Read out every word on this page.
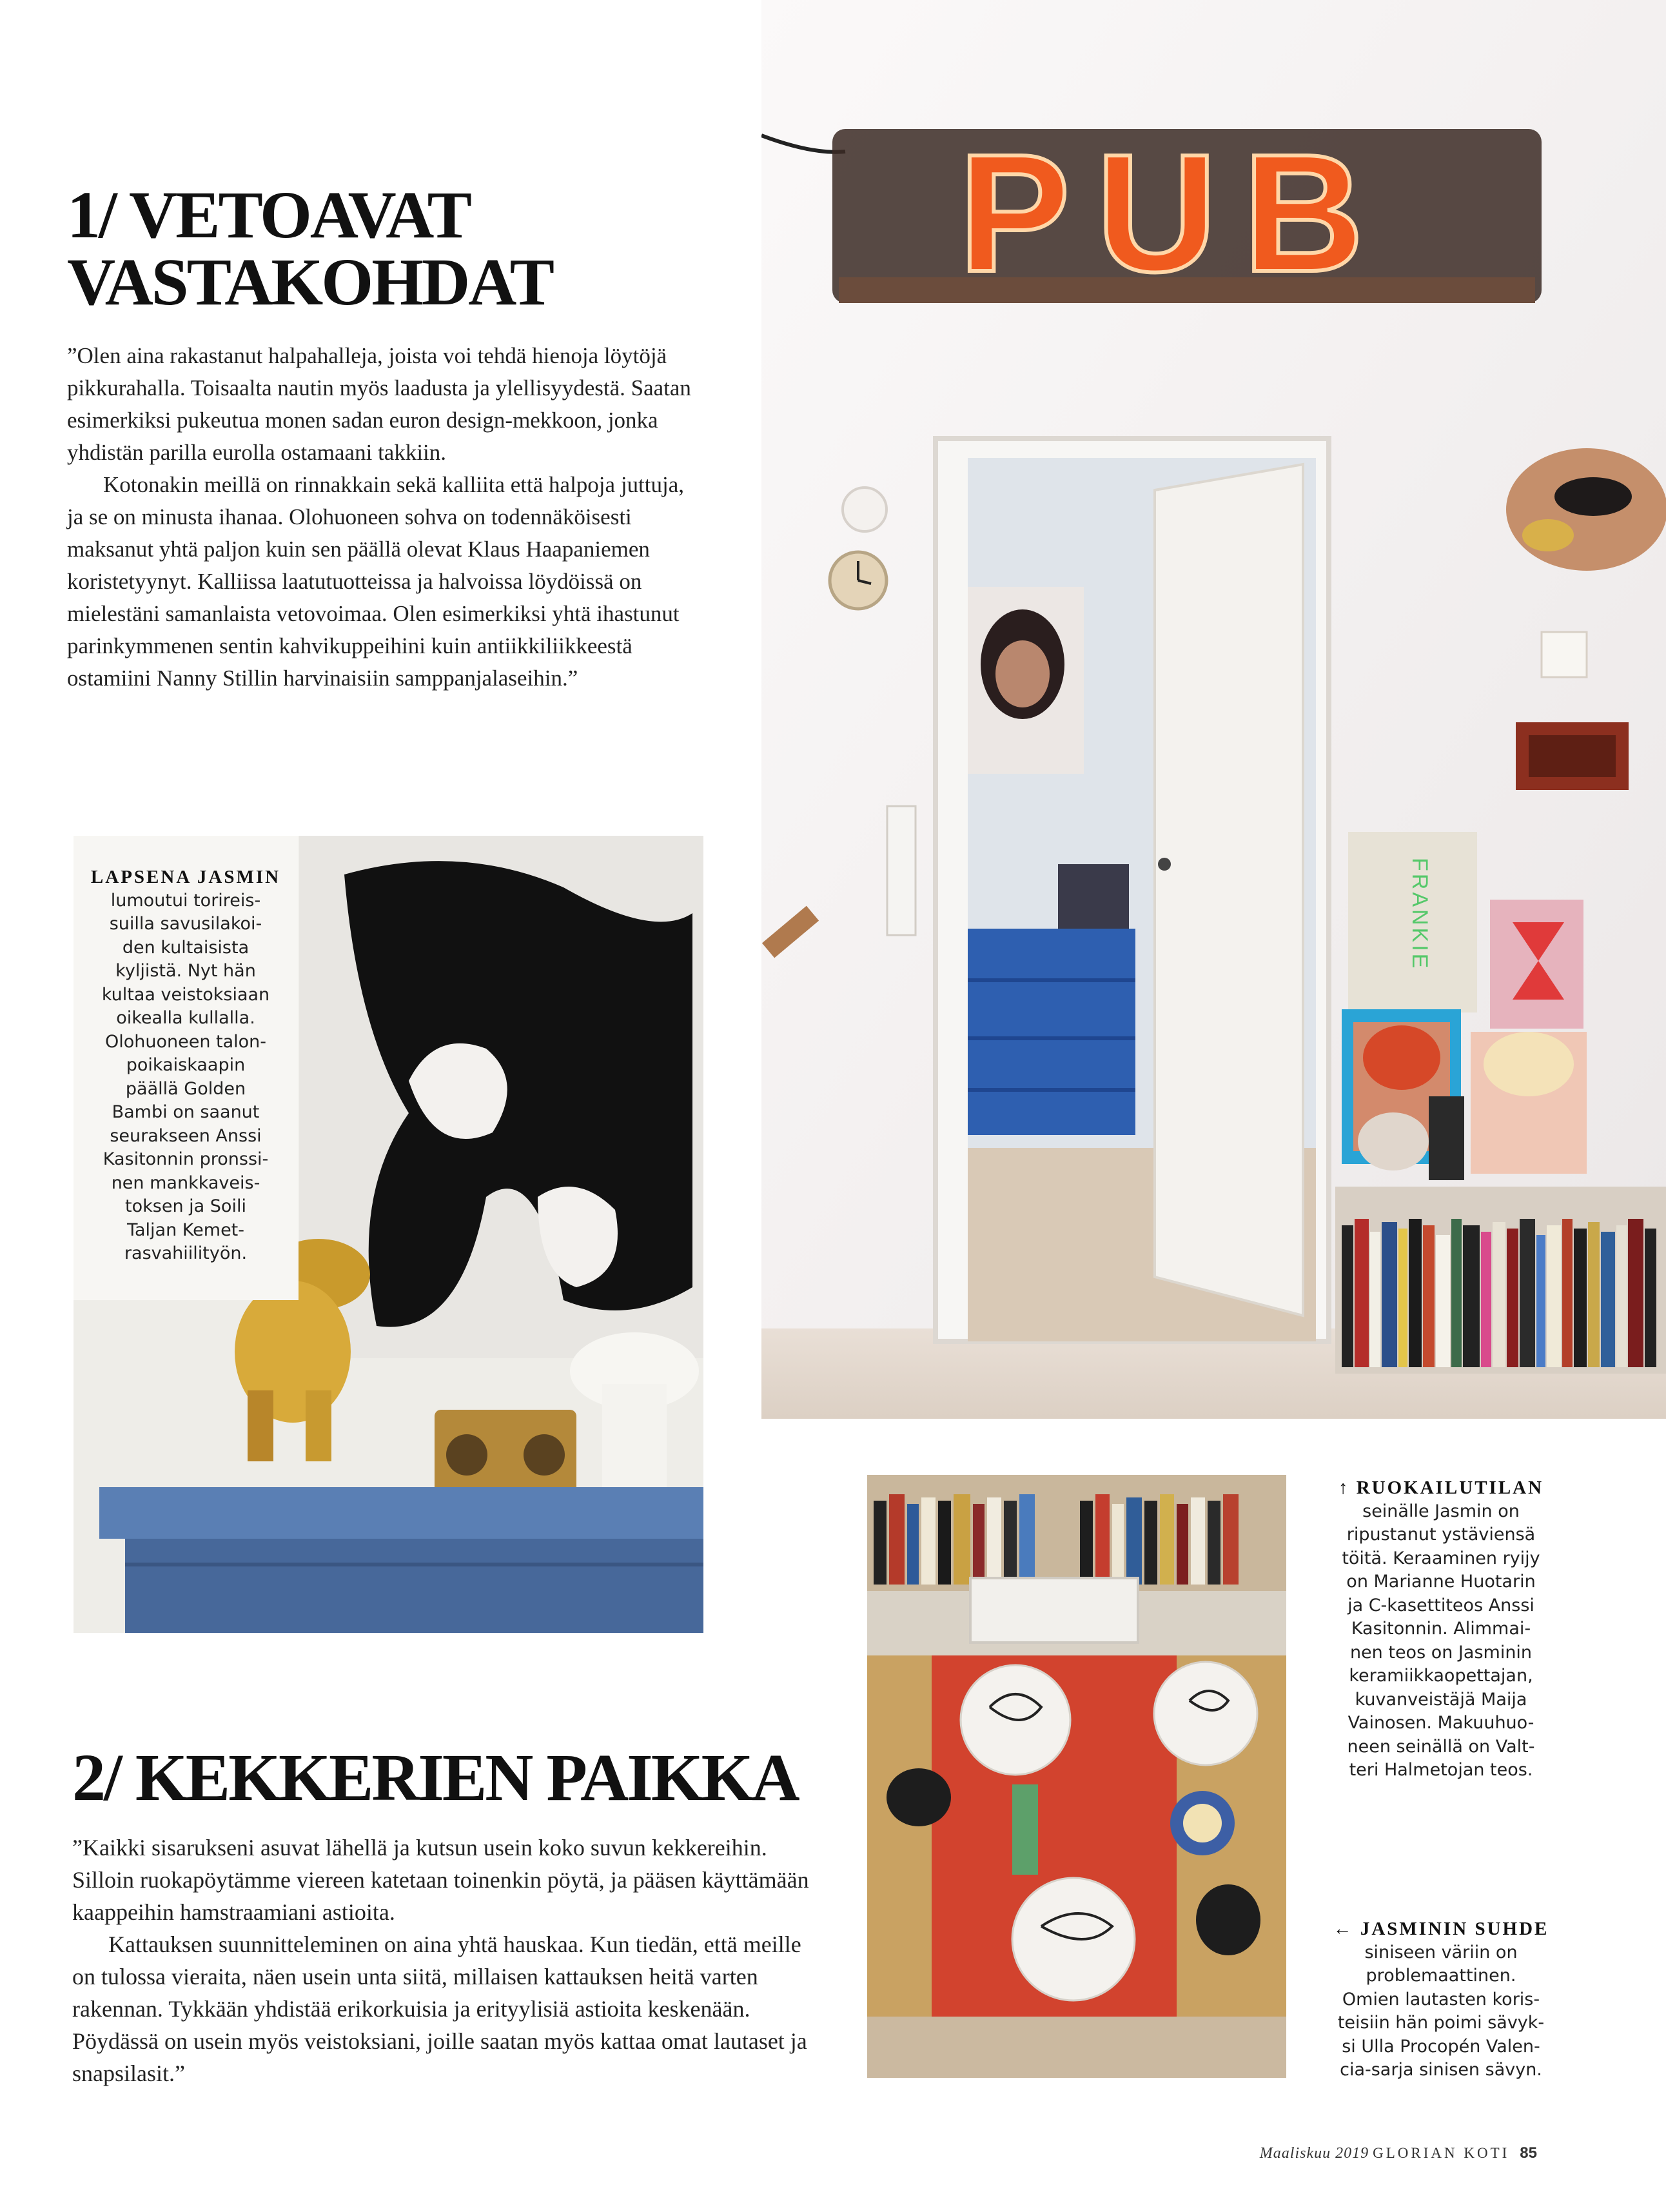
1/ VETOAVAT
VASTAKOHDAT

”Olen aina rakastanut halpahalleja, joista voi tehdä hienoja löytöjä pikkurahalla. Toisaalta nautin myös laadusta ja ylellisyydestä. Saatan esimerkiksi pukeutua monen sadan euron design-mekkoon, jonka yhdistän parilla eurolla ostamaani takkiin.

Kotonakin meillä on rinnakkain sekä kalliita että halpoja juttuja, ja se on minusta ihanaa. Olohuoneen sohva on todennäköisesti maksanut yhtä paljon kuin sen päällä olevat Klaus Haapaniemen koristetyynyt. Kalliissa laatutuotteissa ja halvoissa löydöissä on mielestäni samanlaista vetovoimaa. Olen esimerkiksi yhtä ihastunut parinkymmenen sentin kahvikuppeihini kuin antiikkiliikkeestä ostamiini Nanny Stillin harvinaisiin samppanjalaseihin.”

PUB
FRANKIE
LAPSENA JASMIN
lumoutui torireis-
suilla savusilakoi-
den kultaisista
kyljistä. Nyt hän
kultaa veistoksiaan
oikealla kullalla.
Olohuoneen talon-
poikaiskaapin
päällä Golden
Bambi on saanut
seurakseen Anssi
Kasitonnin pronssi-
nen mankkaveis-
toksen ja Soili
Taljan Kemet-
rasvahiilityön.
↑ RUOKAILUTILAN
seinälle Jasmin on
ripustanut ystäviensä
töitä. Keraaminen ryijy
on Marianne Huotarin
ja C-kasettiteos Anssi
Kasitonnin. Alimmai-
nen teos on Jasminin
keramiikkaopettajan,
kuvanveistäjä Maija
Vainosen. Makuuhuo-
neen seinällä on Valt-
teri Halmetojan teos.
← JASMININ SUHDE
siniseen väriin on
problemaattinen.
Omien lautasten koris-
teisiin hän poimi sävyk-
si Ulla Procopén Valen-
cia-sarja sinisen sävyn.
2/ KEKKERIEN PAIKKA

”Kaikki sisarukseni asuvat lähellä ja kutsun usein koko suvun kekkereihin. Silloin ruokapöytämme viereen katetaan toinenkin pöytä, ja pääsen käyttämään kaappeihin hamstraamiani astioita.

Kattauksen suunnitteleminen on aina yhtä hauskaa. Kun tiedän, että meille on tulossa vieraita, näen usein unta siitä, millaisen kattauksen heitä varten rakennan. Tykkään yhdistää erikorkuisia ja erityylisiä astioita keskenään. Pöydässä on usein myös veistoksiani, joille saatan myös kattaa omat lautaset ja snapsilasit.”

Maaliskuu 2019 GLORIAN KOTI 85
